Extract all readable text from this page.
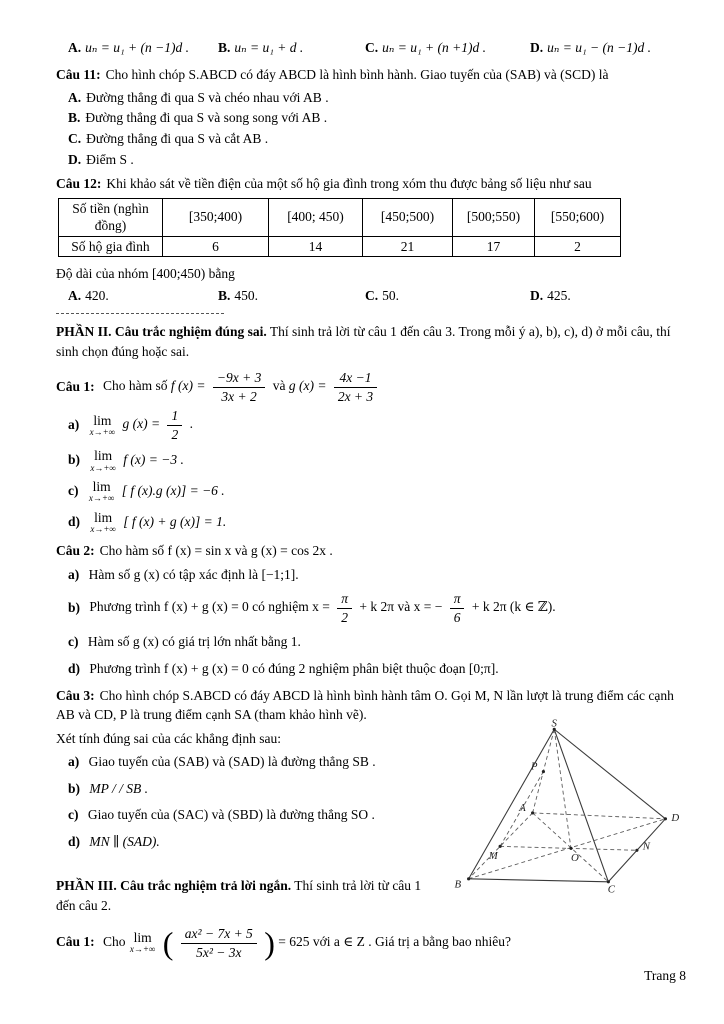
A. uₙ = u₁ + (n −1)d .	B. uₙ = u₁ + d .	C. uₙ = u₁ + (n +1)d .	D. uₙ = u₁ − (n −1)d .

Câu 11: Cho hình chóp S.ABCD có đáy ABCD là hình bình hành. Giao tuyến của (SAB) và (SCD) là

A. Đường thẳng đi qua S và chéo nhau với AB .
B. Đường thẳng đi qua S và song song với AB .
C. Đường thẳng đi qua S và cắt AB .
D. Điểm S .

Câu 12: Khi khảo sát về tiền điện của một số hộ gia đình trong xóm thu được bảng số liệu như sau

Số tiền (nghìn đồng)	[350;400)	[400; 450)	[450;500)	[500;550)	[550;600)
Số hộ gia đình	6	14	21	17	2

Độ dài của nhóm [400;450) bằng

A. 420.	B. 450.	C. 50.	D. 425.

PHẦN II. Câu trắc nghiệm đúng sai. Thí sinh trả lời từ câu 1 đến câu 3. Trong mỗi ý a), b), c), d) ở mỗi câu, thí sinh chọn đúng hoặc sai.

Câu 1: Cho hàm số f $(x) = \frac{-9x + 3}{3x + 2}$ và g $(x) = \frac{4x -1}{2x + 3}$
a) lim
x→+∞
g $(x) = \frac{1}{2}$ .
b) lim
x→+∞
f (x) = −3 .
c) lim
x→+∞
[ f (x).g (x)] = −6 .
d) lim
x→+∞
[ f (x) + g (x)] = 1.

Câu 2: Cho hàm số f (x) = sin x và g (x) = cos 2x .

a) Hàm số g (x) có tập xác định là [−1;1].
b) Phương trình f (x) + g (x) = 0 có nghiệm $x = \frac{\pi}{2} + k$ 2π và x = − $\frac{\pi}{6} + k$ 2π (k ∈ ℤ).
c) Hàm số g (x) có giá trị lớn nhất bằng 1.
d) Phương trình f (x) + g (x) = 0 có đúng 2 nghiệm phân biệt thuộc đoạn [0;π].

Câu 3: Cho hình chóp S.ABCD có đáy ABCD là hình bình hành tâm O. Gọi M, N lần lượt là trung điểm các cạnh AB và CD, P là trung điểm cạnh SA (tham khảo hình vẽ).

S
P
A
D
M	O
N
B	C

Xét tính đúng sai của các khẳng định sau:

a) Giao tuyến của (SAB) và (SAD) là đường thẳng SB .
b) MP / / SB .
c) Giao tuyến của (SAC) và (SBD) là đường thẳng SO .
d) MN ∥ (SAD).

PHẦN III. Câu trắc nghiệm trả lời ngắn. Thí sinh trả lời từ câu 1 đến câu 2.

Câu 1: Cho lim
x→+∞ ( $\frac{\text{ax² − 7x + 5}}{\text{5x² − 3x}}$ ) = 625 với a ∈ Z . Giá trị a bằng bao nhiêu?
Trang 8
